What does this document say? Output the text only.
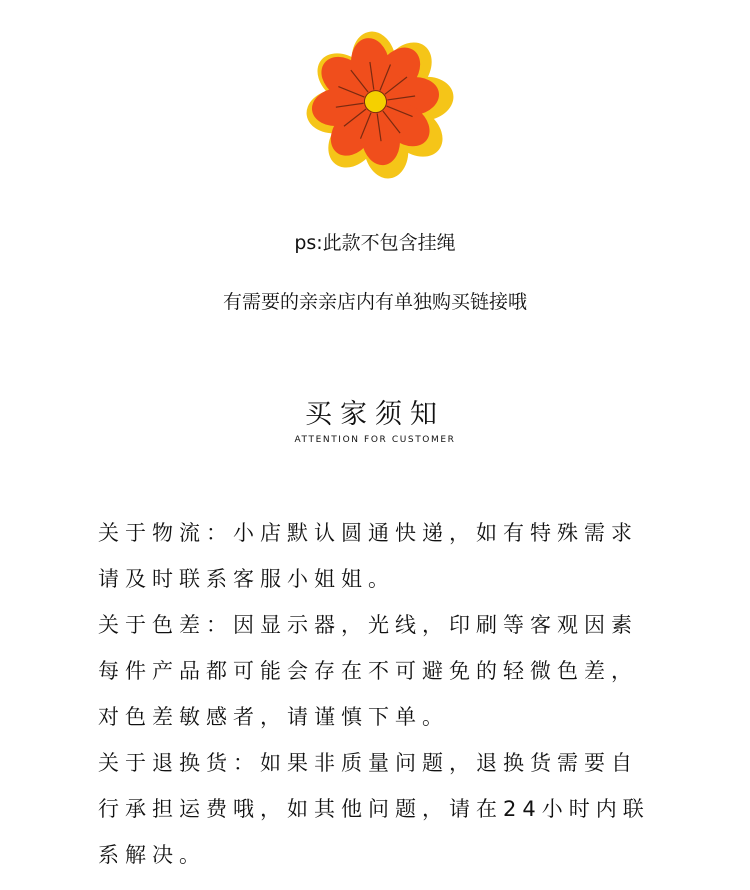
ps:此款不包含挂绳
有需要的亲亲店内有单独购买链接哦
买家须知
ATTENTION FOR CUSTOMER
关于物流：小店默认圆通快递，如有特殊需求
请及时联系客服小姐姐。
关于色差：因显示器，光线，印刷等客观因素
每件产品都可能会存在不可避免的轻微色差，
对色差敏感者，请谨慎下单。
关于退换货：如果非质量问题，退换货需要自
行承担运费哦，如其他问题，请在24小时内联
系解决。
